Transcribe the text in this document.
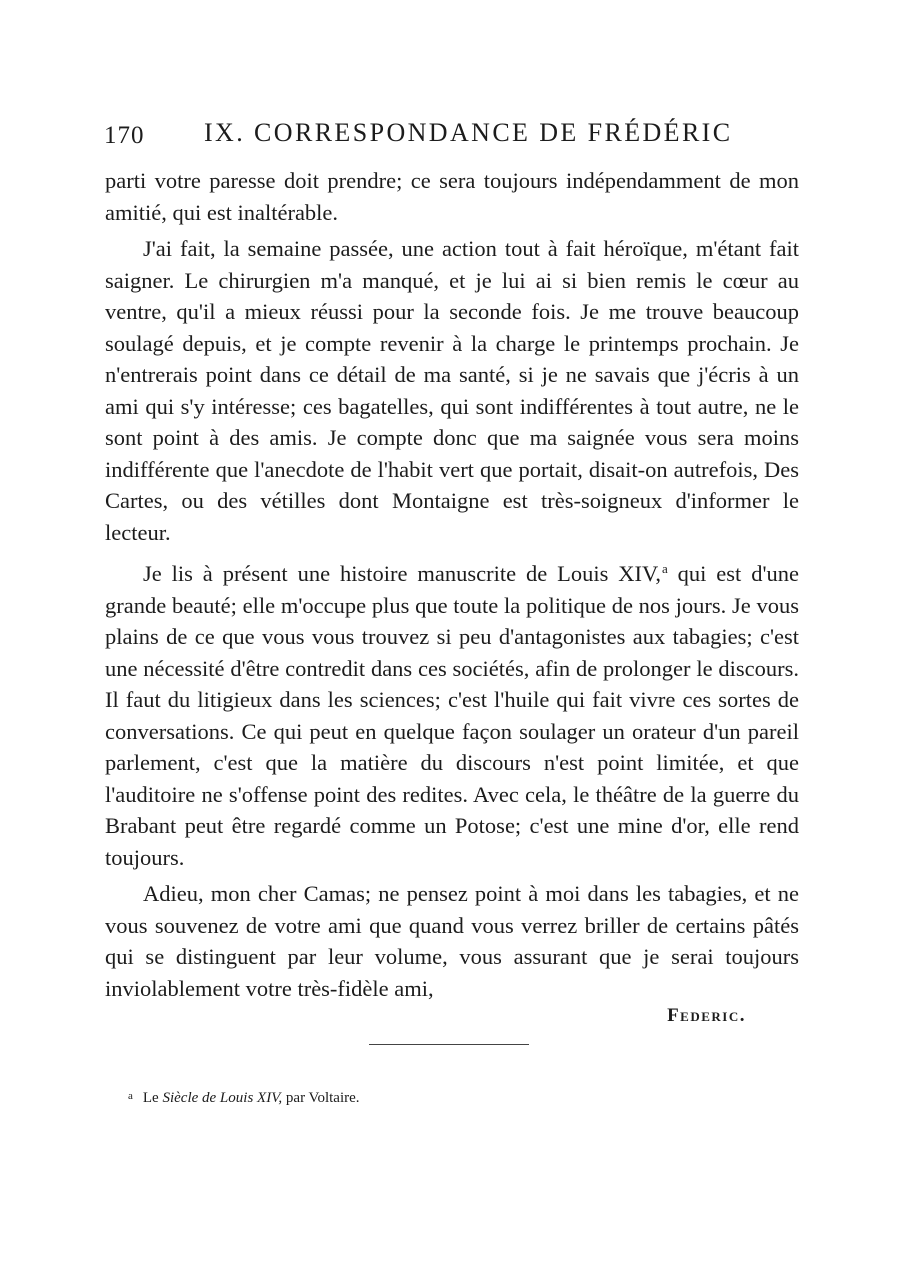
170 IX. CORRESPONDANCE DE FRÉDÉRIC

parti votre paresse doit prendre; ce sera toujours indépendamment de mon amitié, qui est inaltérable.

J'ai fait, la semaine passée, une action tout à fait héroïque, m'étant fait saigner. Le chirurgien m'a manqué, et je lui ai si bien remis le cœur au ventre, qu'il a mieux réussi pour la seconde fois. Je me trouve beaucoup soulagé depuis, et je compte revenir à la charge le printemps prochain. Je n'entrerais point dans ce détail de ma santé, si je ne savais que j'écris à un ami qui s'y intéresse; ces bagatelles, qui sont indifférentes à tout autre, ne le sont point à des amis. Je compte donc que ma saignée vous sera moins indifférente que l'anecdote de l'habit vert que portait, disait-on autrefois, Des Cartes, ou des vétilles dont Montaigne est très-soigneux d'informer le lecteur.

Je lis à présent une histoire manuscrite de Louis XIV,$^a$ qui est d'une grande beauté; elle m'occupe plus que toute la politique de nos jours. Je vous plains de ce que vous vous trouvez si peu d'antagonistes aux tabagies; c'est une nécessité d'être contredit dans ces sociétés, afin de prolonger le discours. Il faut du litigieux dans les sciences; c'est l'huile qui fait vivre ces sortes de conversations. Ce qui peut en quelque façon soulager un orateur d'un pareil parlement, c'est que la matière du discours n'est point limitée, et que l'auditoire ne s'offense point des redites. Avec cela, le théâtre de la guerre du Brabant peut être regardé comme un Potose; c'est une mine d'or, elle rend toujours.

Adieu, mon cher Camas; ne pensez point à moi dans les tabagies, et ne vous souvenez de votre ami que quand vous verrez briller de certains pâtés qui se distinguent par leur volume, vous assurant que je serai toujours inviolablement votre très-fidèle ami,

Federic.
$^a$ Le Siècle de Louis XIV, par Voltaire.
